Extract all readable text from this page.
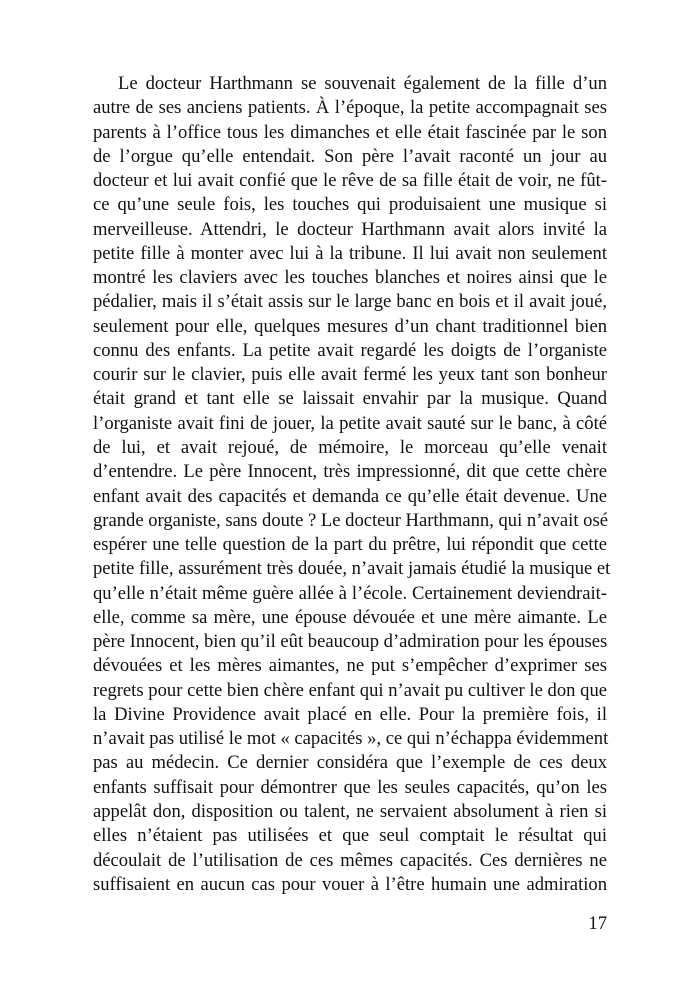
Le docteur Harthmann se souvenait également de la fille d’un
autre de ses anciens patients. À l’époque, la petite accompagnait ses
parents à l’office tous les dimanches et elle était fascinée par le son
de l’orgue qu’elle entendait. Son père l’avait raconté un jour au
docteur et lui avait confié que le rêve de sa fille était de voir, ne fût-
ce qu’une seule fois, les touches qui produisaient une musique si
merveilleuse. Attendri, le docteur Harthmann avait alors invité la
petite fille à monter avec lui à la tribune. Il lui avait non seulement
montré les claviers avec les touches blanches et noires ainsi que le
pédalier, mais il s’était assis sur le large banc en bois et il avait joué,
seulement pour elle, quelques mesures d’un chant traditionnel bien
connu des enfants. La petite avait regardé les doigts de l’organiste
courir sur le clavier, puis elle avait fermé les yeux tant son bonheur
était grand et tant elle se laissait envahir par la musique. Quand
l’organiste avait fini de jouer, la petite avait sauté sur le banc, à côté
de lui, et avait rejoué, de mémoire, le morceau qu’elle venait
d’entendre. Le père Innocent, très impressionné, dit que cette chère
enfant avait des capacités et demanda ce qu’elle était devenue. Une
grande organiste, sans doute ? Le docteur Harthmann, qui n’avait osé
espérer une telle question de la part du prêtre, lui répondit que cette
petite fille, assurément très douée, n’avait jamais étudié la musique et
qu’elle n’était même guère allée à l’école. Certainement deviendrait-
elle, comme sa mère, une épouse dévouée et une mère aimante. Le
père Innocent, bien qu’il eût beaucoup d’admiration pour les épouses
dévouées et les mères aimantes, ne put s’empêcher d’exprimer ses
regrets pour cette bien chère enfant qui n’avait pu cultiver le don que
la Divine Providence avait placé en elle. Pour la première fois, il
n’avait pas utilisé le mot « capacités », ce qui n’échappa évidemment
pas au médecin. Ce dernier considéra que l’exemple de ces deux
enfants suffisait pour démontrer que les seules capacités, qu’on les
appelât don, disposition ou talent, ne servaient absolument à rien si
elles n’étaient pas utilisées et que seul comptait le résultat qui
découlait de l’utilisation de ces mêmes capacités. Ces dernières ne
suffisaient en aucun cas pour vouer à l’être humain une admiration
17
